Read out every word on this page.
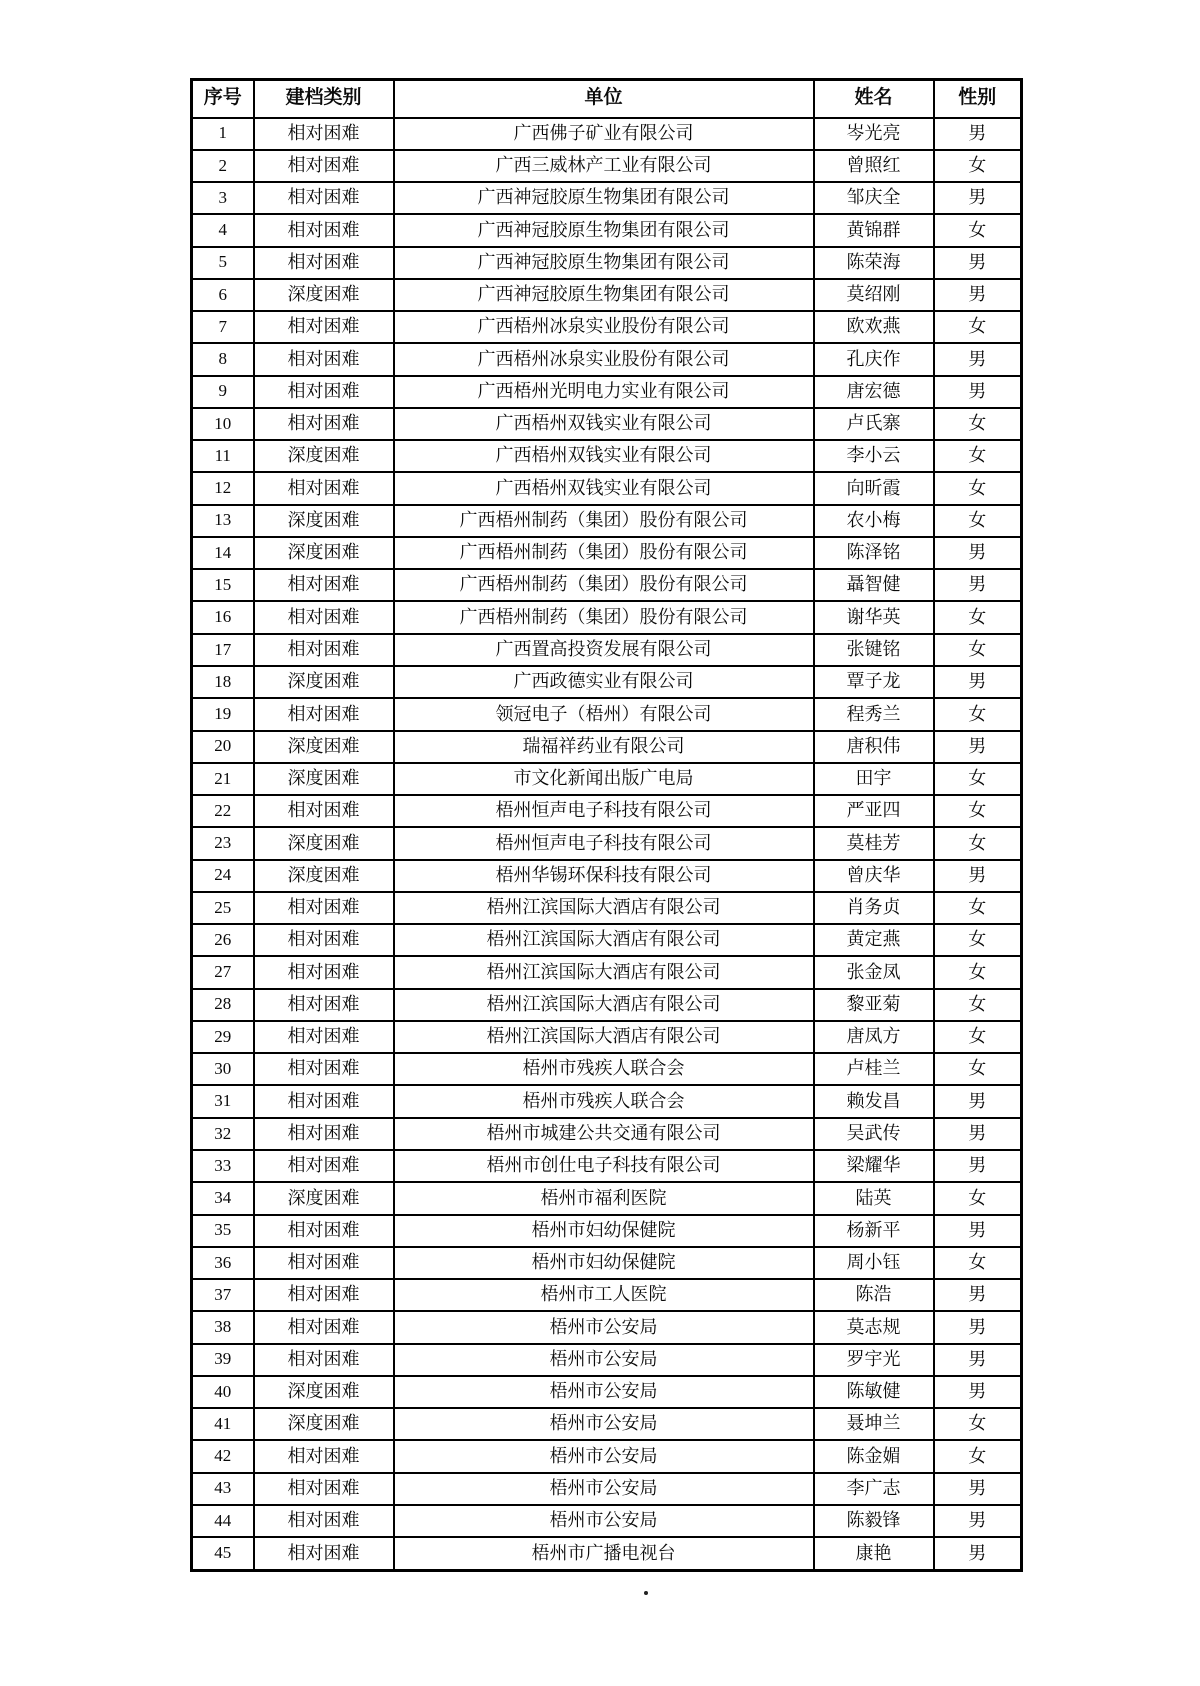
序号	建档类别	单位	姓名	性别
1	相对困难	广西佛子矿业有限公司	岑光亮	男
2	相对困难	广西三威林产工业有限公司	曾照红	女
3	相对困难	广西神冠胶原生物集团有限公司	邹庆全	男
4	相对困难	广西神冠胶原生物集团有限公司	黄锦群	女
5	相对困难	广西神冠胶原生物集团有限公司	陈荣海	男
6	深度困难	广西神冠胶原生物集团有限公司	莫绍刚	男
7	相对困难	广西梧州冰泉实业股份有限公司	欧欢燕	女
8	相对困难	广西梧州冰泉实业股份有限公司	孔庆作	男
9	相对困难	广西梧州光明电力实业有限公司	唐宏德	男
10	相对困难	广西梧州双钱实业有限公司	卢氏寨	女
11	深度困难	广西梧州双钱实业有限公司	李小云	女
12	相对困难	广西梧州双钱实业有限公司	向昕霞	女
13	深度困难	广西梧州制药（集团）股份有限公司	农小梅	女
14	深度困难	广西梧州制药（集团）股份有限公司	陈泽铭	男
15	相对困难	广西梧州制药（集团）股份有限公司	聶智健	男
16	相对困难	广西梧州制药（集团）股份有限公司	谢华英	女
17	相对困难	广西置高投资发展有限公司	张键铭	女
18	深度困难	广西政德实业有限公司	覃子龙	男
19	相对困难	领冠电子（梧州）有限公司	程秀兰	女
20	深度困难	瑞福祥药业有限公司	唐积伟	男
21	深度困难	市文化新闻出版广电局	田宇	女
22	相对困难	梧州恒声电子科技有限公司	严亚四	女
23	深度困难	梧州恒声电子科技有限公司	莫桂芳	女
24	深度困难	梧州华锡环保科技有限公司	曾庆华	男
25	相对困难	梧州江滨国际大酒店有限公司	肖务贞	女
26	相对困难	梧州江滨国际大酒店有限公司	黄定燕	女
27	相对困难	梧州江滨国际大酒店有限公司	张金凤	女
28	相对困难	梧州江滨国际大酒店有限公司	黎亚菊	女
29	相对困难	梧州江滨国际大酒店有限公司	唐凤方	女
30	相对困难	梧州市残疾人联合会	卢桂兰	女
31	相对困难	梧州市残疾人联合会	赖发昌	男
32	相对困难	梧州市城建公共交通有限公司	吴武传	男
33	相对困难	梧州市创仕电子科技有限公司	梁耀华	男
34	深度困难	梧州市福利医院	陆英	女
35	相对困难	梧州市妇幼保健院	杨新平	男
36	相对困难	梧州市妇幼保健院	周小钰	女
37	相对困难	梧州市工人医院	陈浩	男
38	相对困难	梧州市公安局	莫志规	男
39	相对困难	梧州市公安局	罗宇光	男
40	深度困难	梧州市公安局	陈敏健	男
41	深度困难	梧州市公安局	聂坤兰	女
42	相对困难	梧州市公安局	陈金媚	女
43	相对困难	梧州市公安局	李广志	男
44	相对困难	梧州市公安局	陈毅锋	男
45	相对困难	梧州市广播电视台	康艳	男
